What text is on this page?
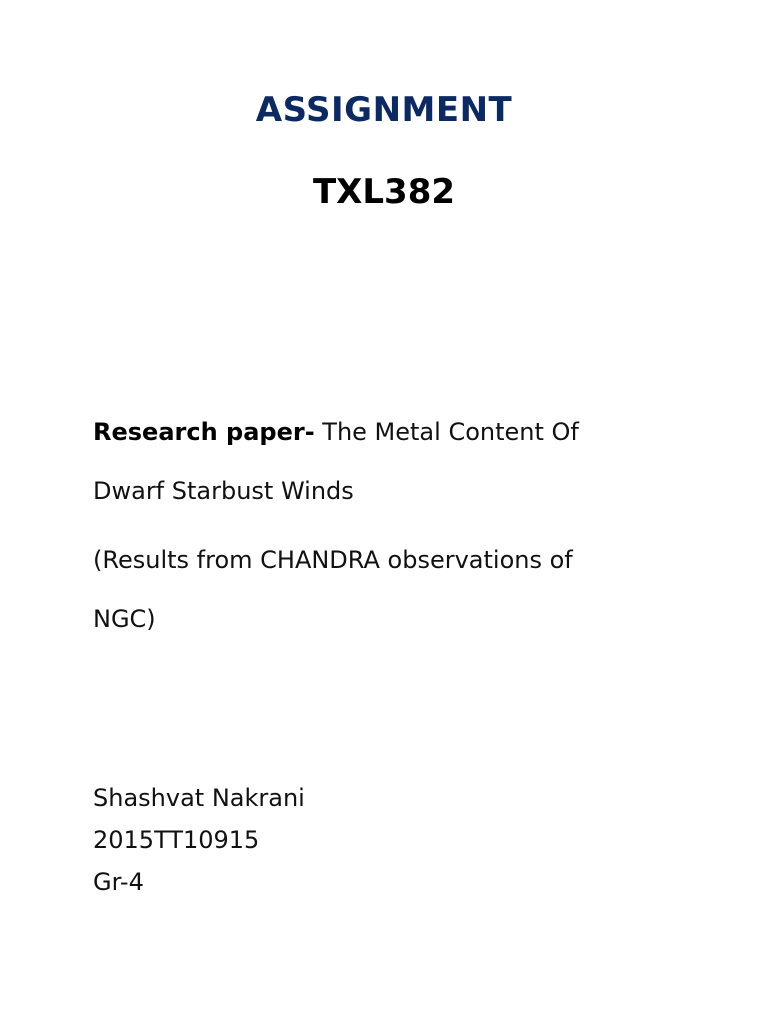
ASSIGNMENT
TXL382
Research paper- The Metal Content Of
Dwarf Starbust Winds
(Results from CHANDRA observations of
NGC)
Shashvat Nakrani
2015TT10915
Gr-4
